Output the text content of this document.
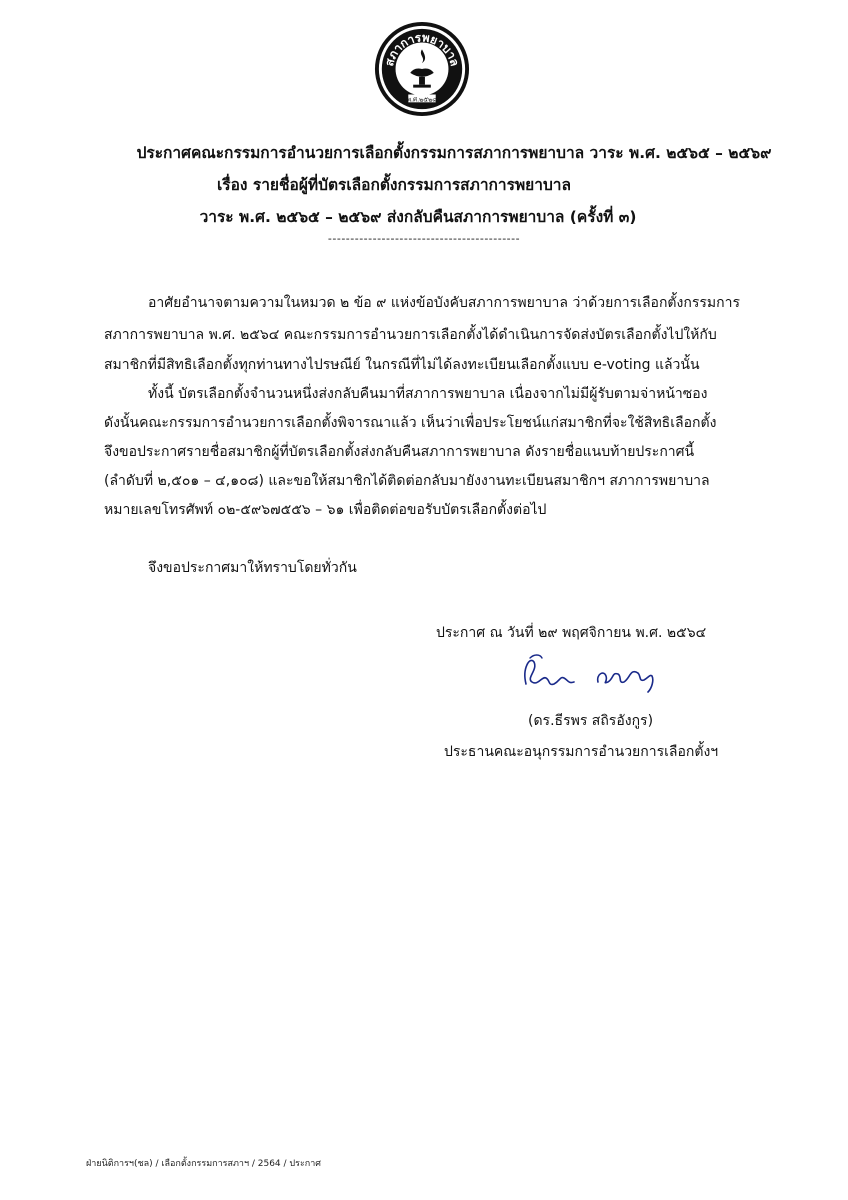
สภาการพยาบาล
พ.ศ.๒๕๒๘
ประกาศคณะกรรมการอำนวยการเลือกตั้งกรรมการสภาการพยาบาล วาระ พ.ศ. ๒๕๖๕ – ๒๕๖๙
เรื่อง รายชื่อผู้ที่บัตรเลือกตั้งกรรมการสภาการพยาบาล
วาระ พ.ศ. ๒๕๖๕ – ๒๕๖๙ ส่งกลับคืนสภาการพยาบาล (ครั้งที่ ๓)
-------------------------------------------
อาศัยอำนาจตามความในหมวด ๒ ข้อ ๙ แห่งข้อบังคับสภาการพยาบาล ว่าด้วยการเลือกตั้งกรรมการ
สภาการพยาบาล พ.ศ. ๒๕๖๔ คณะกรรมการอำนวยการเลือกตั้งได้ดำเนินการจัดส่งบัตรเลือกตั้งไปให้กับ
สมาชิกที่มีสิทธิเลือกตั้งทุกท่านทางไปรษณีย์ ในกรณีที่ไม่ได้ลงทะเบียนเลือกตั้งแบบ e-voting แล้วนั้น
ทั้งนี้ บัตรเลือกตั้งจำนวนหนึ่งส่งกลับคืนมาที่สภาการพยาบาล เนื่องจากไม่มีผู้รับตามจ่าหน้าซอง
ดังนั้นคณะกรรมการอำนวยการเลือกตั้งพิจารณาแล้ว เห็นว่าเพื่อประโยชน์แก่สมาชิกที่จะใช้สิทธิเลือกตั้ง
จึงขอประกาศรายชื่อสมาชิกผู้ที่บัตรเลือกตั้งส่งกลับคืนสภาการพยาบาล ดังรายชื่อแนบท้ายประกาศนี้
(ลำดับที่ ๒,๕๐๑ – ๔,๑๐๘) และขอให้สมาชิกได้ติดต่อกลับมายังงานทะเบียนสมาชิกฯ สภาการพยาบาล
หมายเลขโทรศัพท์ ๐๒-๕๙๖๗๕๕๖ – ๖๑ เพื่อติดต่อขอรับบัตรเลือกตั้งต่อไป
จึงขอประกาศมาให้ทราบโดยทั่วกัน
ประกาศ ณ วันที่ ๒๙ พฤศจิกายน พ.ศ. ๒๕๖๔
(ดร.ธีรพร สถิรอังกูร)
ประธานคณะอนุกรรมการอำนวยการเลือกตั้งฯ
ฝ่ายนิติการฯ(ชล) / เลือกตั้งกรรมการสภาฯ / 2564 / ประกาศ
